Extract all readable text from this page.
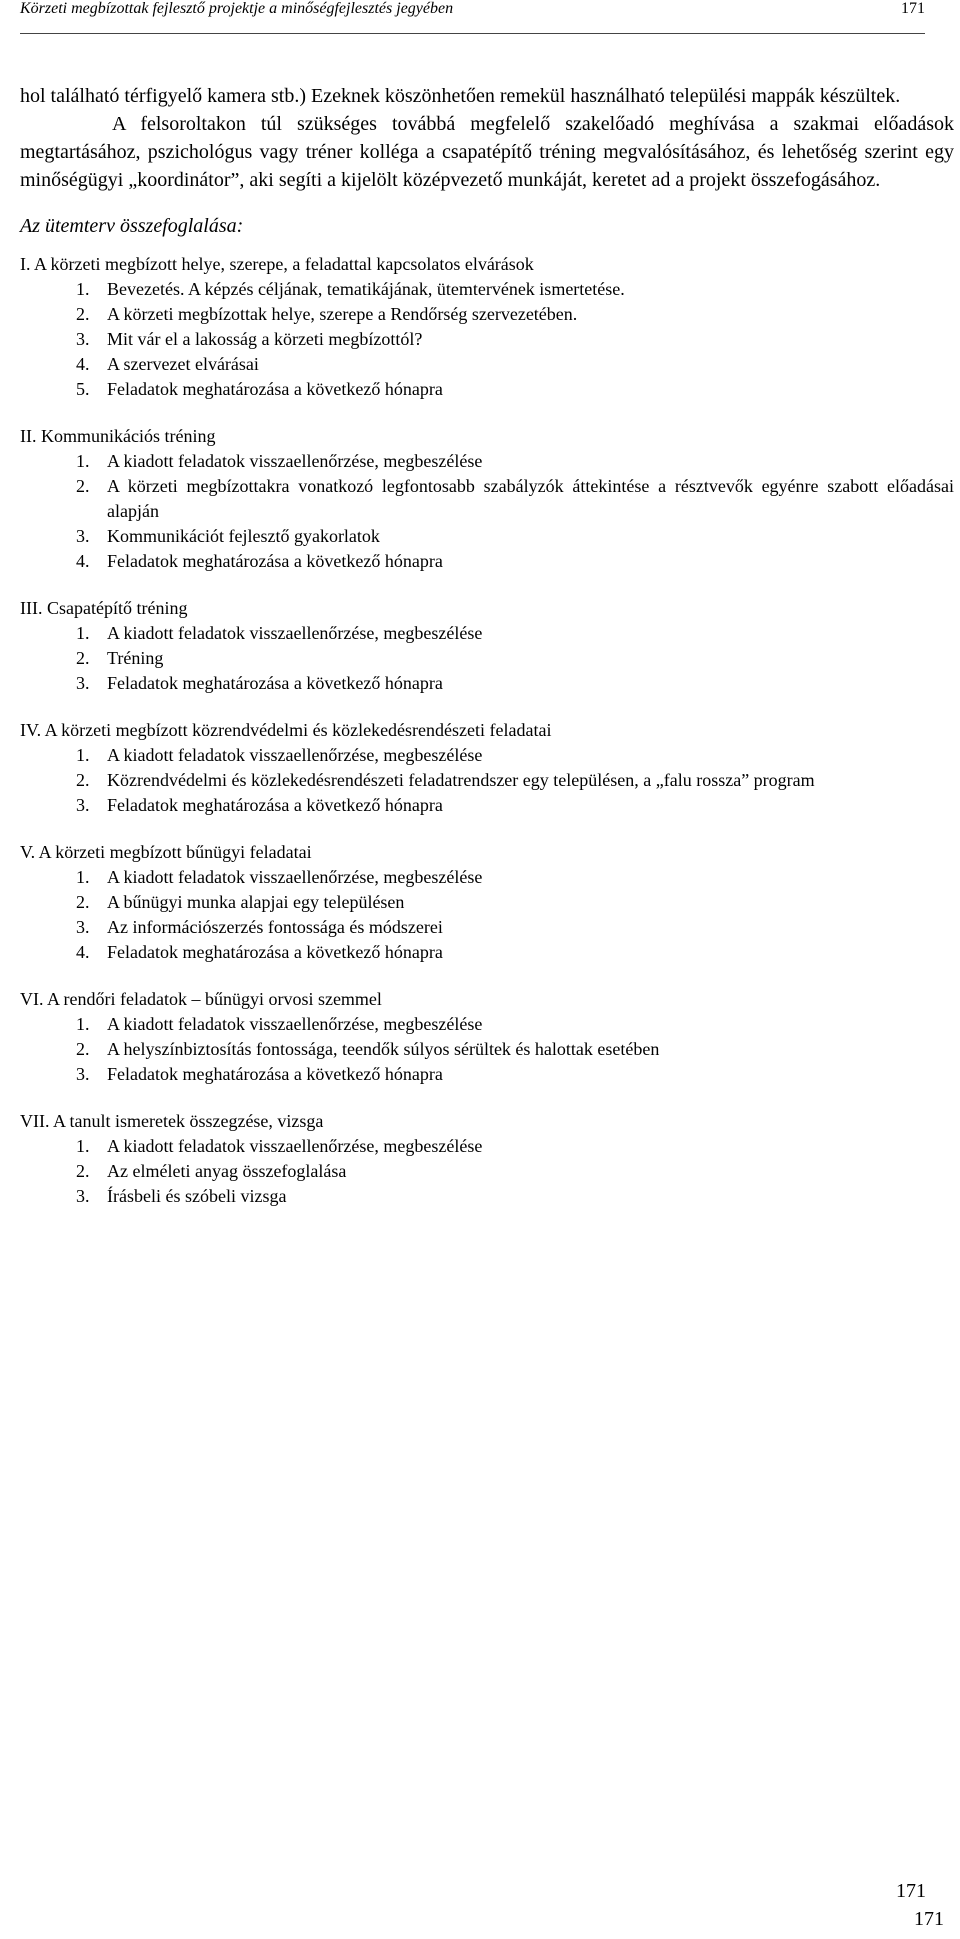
Körzeti megbízottak fejlesztő projektje a minőségfejlesztés jegyében	171

hol található térfigyelő kamera stb.) Ezeknek köszönhetően remekül használható települési mappák készültek.

A felsoroltakon túl szükséges továbbá megfelelő szakelőadó meghívása a szakmai előadások megtartásához, pszichológus vagy tréner kolléga a csapatépítő tréning megvalósításához, és lehetőség szerint egy minőségügyi „koordinátor”, aki segíti a kijelölt középvezető munkáját, keretet ad a projekt összefogásához.

Az ütemterv összefoglalása:
I. A körzeti megbízott helye, szerepe, a feladattal kapcsolatos elvárások
1. Bevezetés. A képzés céljának, tematikájának, ütemtervének ismertetése.
2. A körzeti megbízottak helye, szerepe a Rendőrség szervezetében.
3. Mit vár el a lakosság a körzeti megbízottól?
4. A szervezet elvárásai
5. Feladatok meghatározása a következő hónapra
II. Kommunikációs tréning
1. A kiadott feladatok visszaellenőrzése, megbeszélése
2. A körzeti megbízottakra vonatkozó legfontosabb szabályzók áttekintése a résztvevők egyénre szabott előadásai alapján
3. Kommunikációt fejlesztő gyakorlatok
4. Feladatok meghatározása a következő hónapra
III. Csapatépítő tréning
1. A kiadott feladatok visszaellenőrzése, megbeszélése
2. Tréning
3. Feladatok meghatározása a következő hónapra
IV. A körzeti megbízott közrendvédelmi és közlekedésrendészeti feladatai
1. A kiadott feladatok visszaellenőrzése, megbeszélése
2. Közrendvédelmi és közlekedésrendészeti feladatrendszer egy településen, a „falu rossza” program
3. Feladatok meghatározása a következő hónapra
V. A körzeti megbízott bűnügyi feladatai
1. A kiadott feladatok visszaellenőrzése, megbeszélése
2. A bűnügyi munka alapjai egy településen
3. Az információszerzés fontossága és módszerei
4. Feladatok meghatározása a következő hónapra
VI. A rendőri feladatok – bűnügyi orvosi szemmel
1. A kiadott feladatok visszaellenőrzése, megbeszélése
2. A helyszínbiztosítás fontossága, teendők súlyos sérültek és halottak esetében
3. Feladatok meghatározása a következő hónapra
VII. A tanult ismeretek összegzése, vizsga
1. A kiadott feladatok visszaellenőrzése, megbeszélése
2. Az elméleti anyag összefoglalása
3. Írásbeli és szóbeli vizsga
171
171
